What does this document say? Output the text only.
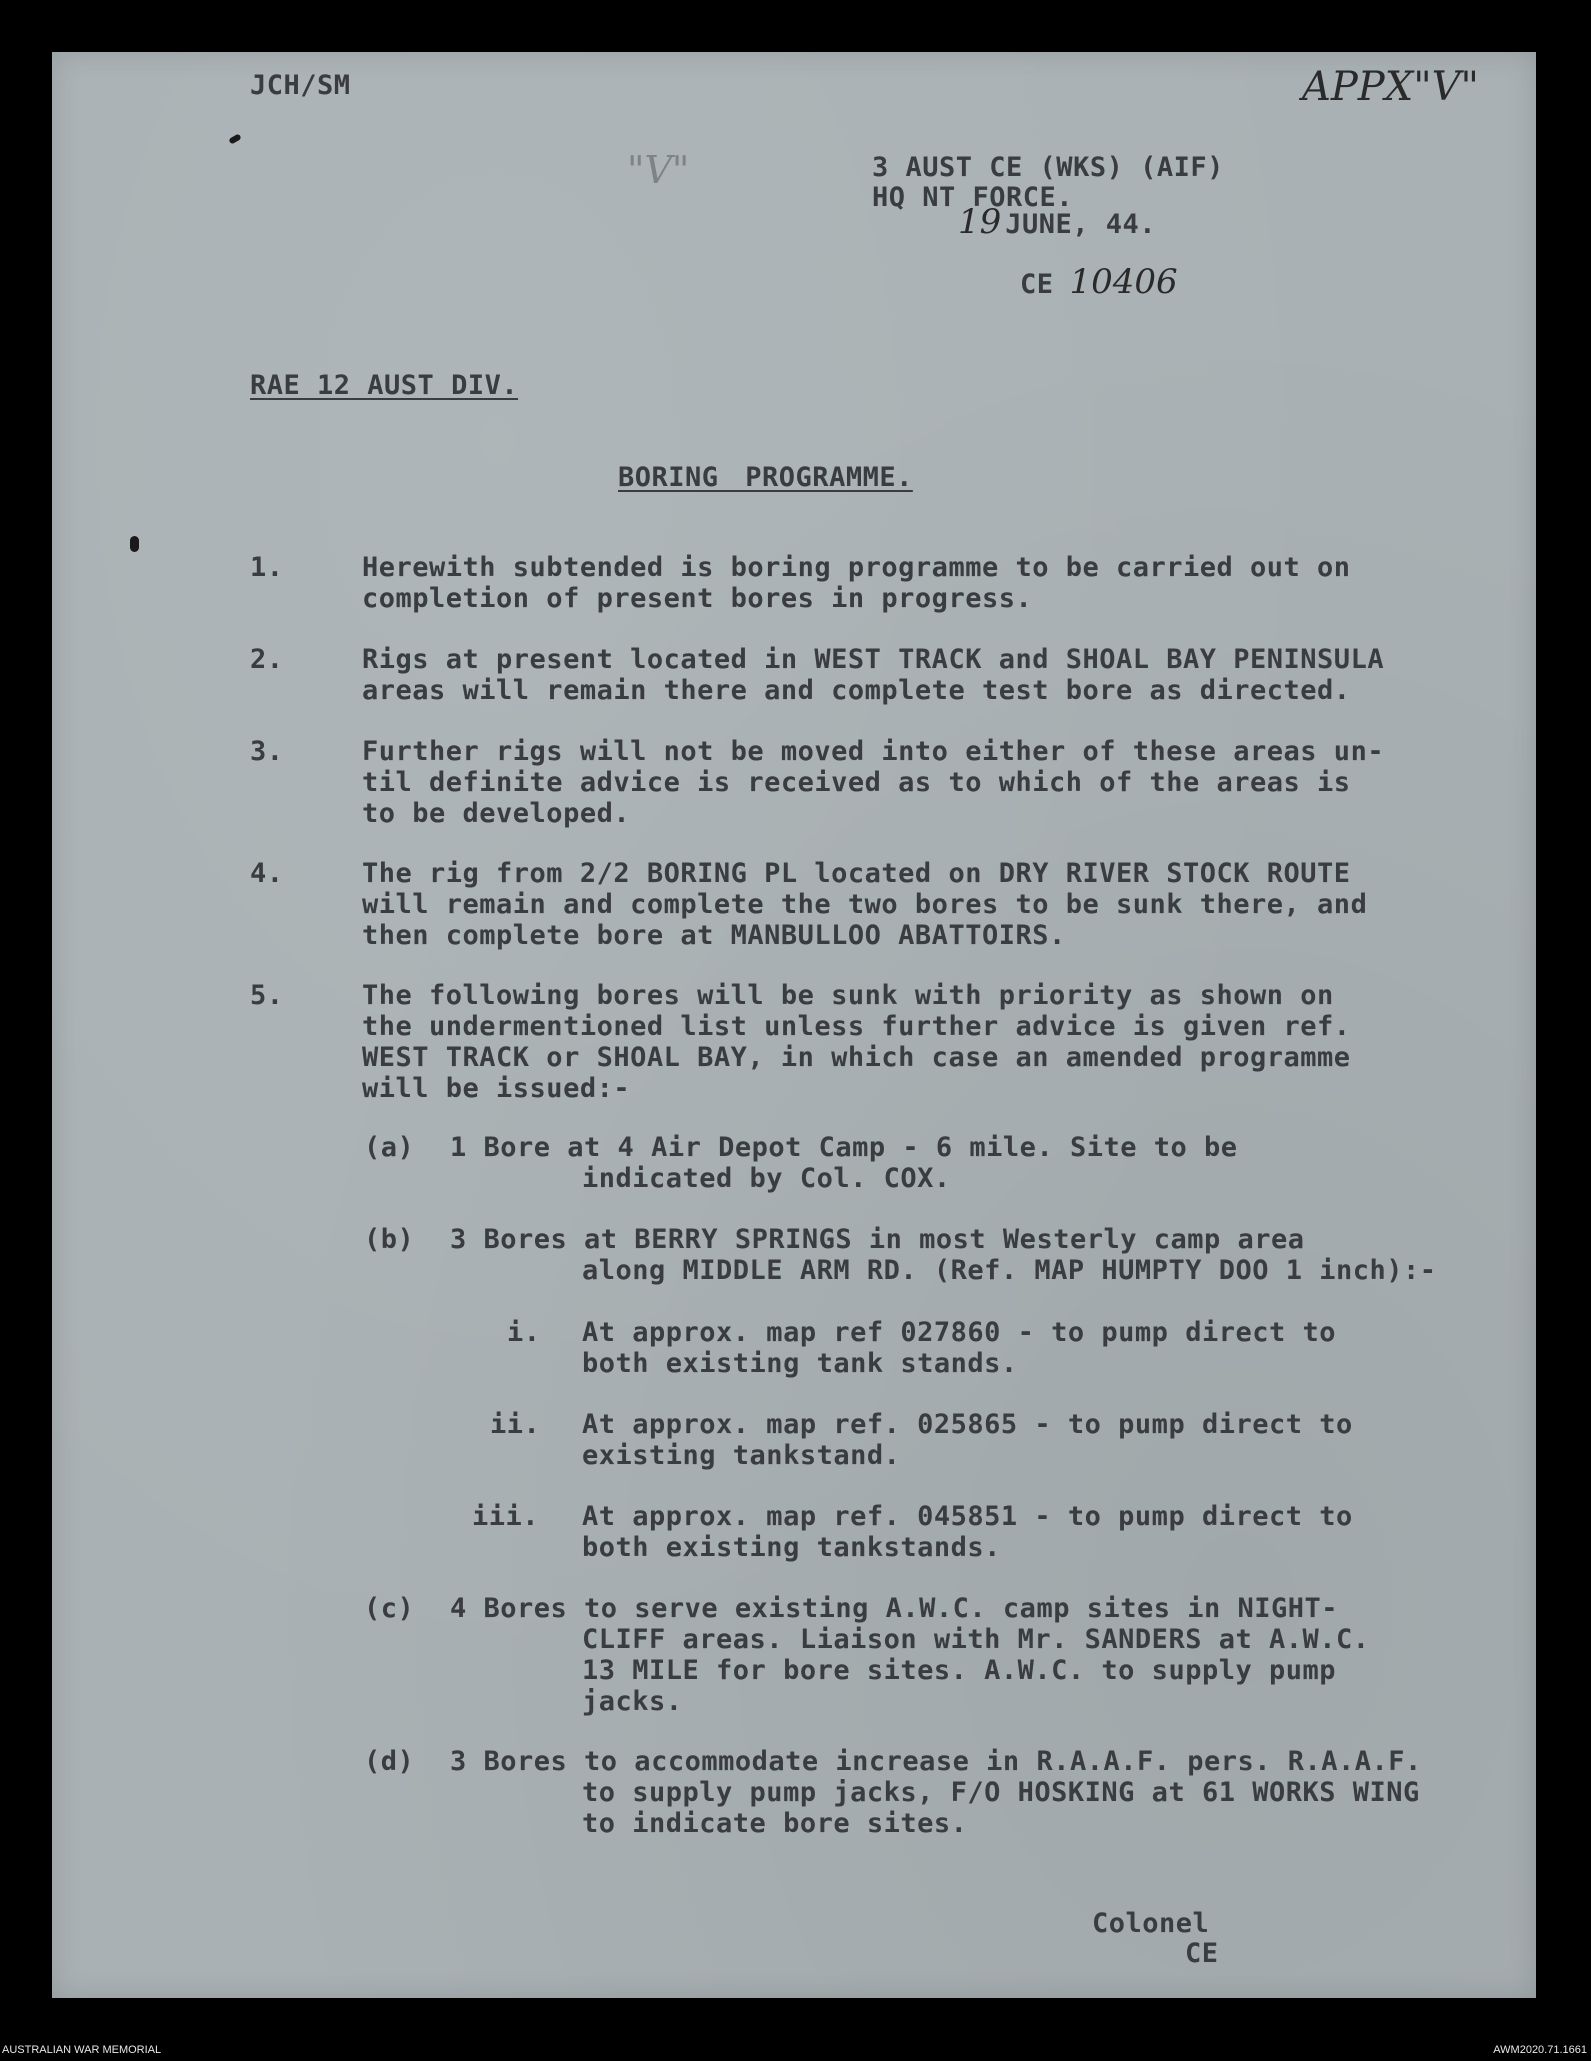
JCH/SM	APPX"V"
"V"	3 AUST CE (WKS) (AIF)
HQ NT FORCE.
19 JUNE, 44.
CE 10406
RAE 12 AUST DIV.
BORING PROGRAMME.
1.	Herewith subtended is boring programme to be carried out on
completion of present bores in progress.
2.	Rigs at present located in WEST TRACK and SHOAL BAY PENINSULA
areas will remain there and complete test bore as directed.
3.	Further rigs will not be moved into either of these areas un-
til definite advice is received as to which of the areas is
to be developed.
4.	The rig from 2/2 BORING PL located on DRY RIVER STOCK ROUTE
will remain and complete the two bores to be sunk there, and
then complete bore at MANBULLOO ABATTOIRS.
5.	The following bores will be sunk with priority as shown on
the undermentioned list unless further advice is given ref.
WEST TRACK or SHOAL BAY, in which case an amended programme
will be issued:-
(a) 1 Bore at 4 Air Depot Camp - 6 mile. Site to be
indicated by Col. COX.
(b) 3 Bores at BERRY SPRINGS in most Westerly camp area
along MIDDLE ARM RD. (Ref. MAP HUMPTY DOO 1 inch):-
i. At approx. map ref 027860 - to pump direct to
both existing tank stands.
ii. At approx. map ref. 025865 - to pump direct to
existing tankstand.
iii. At approx. map ref. 045851 - to pump direct to
both existing tankstands.
(c) 4 Bores to serve existing A.W.C. camp sites in NIGHT-
CLIFF areas. Liaison with Mr. SANDERS at A.W.C.
13 MILE for bore sites. A.W.C. to supply pump
jacks.
(d) 3 Bores to accommodate increase in R.A.A.F. pers. R.A.A.F.
to supply pump jacks, F/O HOSKING at 61 WORKS WING
to indicate bore sites.
Colonel
CE
AUSTRALIAN WAR MEMORIAL	AWM2020.71.1661
